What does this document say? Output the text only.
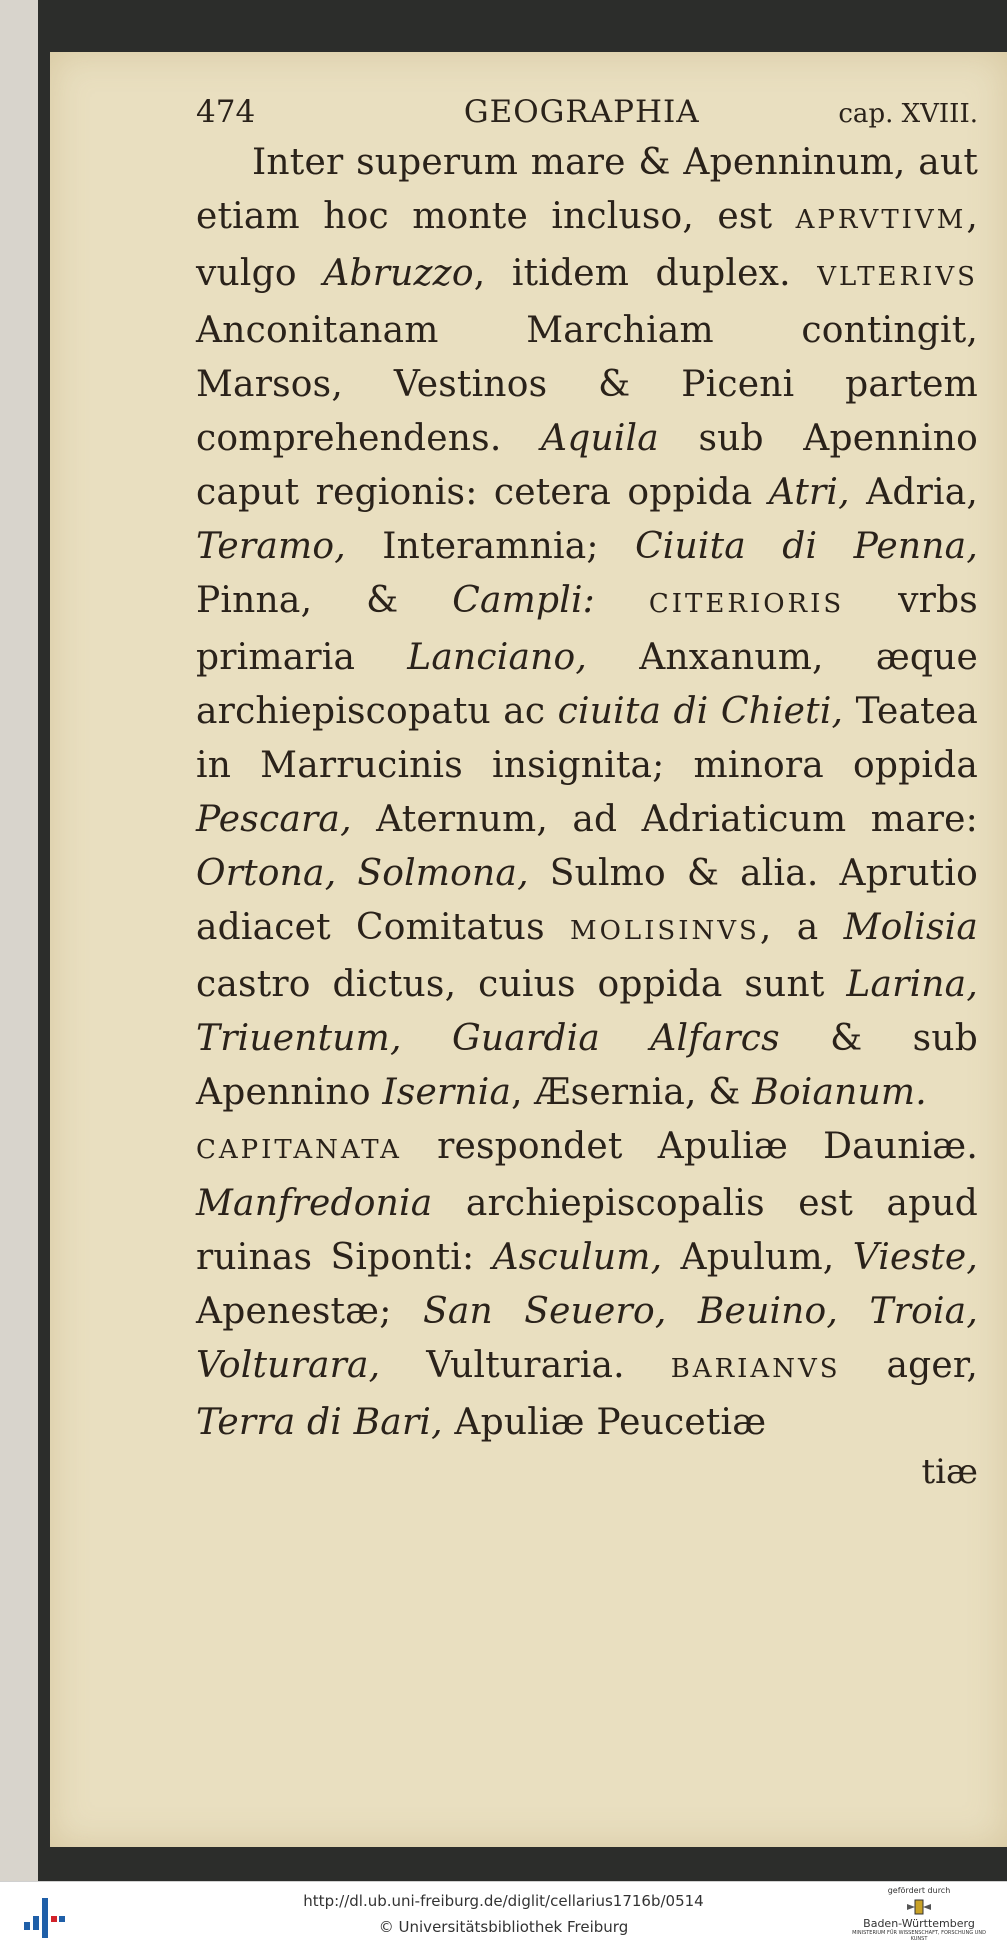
474	GEOGRAPHIA	cap. XVIII.

Inter superum mare & Apenninum, aut etiam hoc monte incluso, est APRVTIVM, vulgo Abruzzo, itidem duplex. VLTERIVS Anconitanam Marchiam contingit, Marsos, Vestinos & Piceni partem comprehendens. Aquila sub Apennino caput regionis: cetera oppida Atri, Adria, Teramo, Interamnia; Ciuita di Penna, Pinna, & Campli: CITERIORIS vrbs primaria Lanciano, Anxanum, æque archiepiscopatu ac ciuita di Chieti, Teatea in Marrucinis insignita; minora oppida Pescara, Aternum, ad Adriaticum mare: Ortona, Solmona, Sulmo & alia. Aprutio adiacet Comitatus MOLISINVS, a Molisia castro dictus, cuius oppida sunt Larina, Triuentum, Guardia Alfarcs & sub Apennino Isernia, Æsernia, & Boianum.

CAPITANATA respondet Apuliæ Dauniæ. Manfredonia archiepiscopalis est apud ruinas Siponti: Asculum, Apulum, Vieste, Apenestæ; San Seuero, Beuino, Troia, Volturara, Vulturaria. BARIANVS ager, Terra di Bari, Apuliæ Peucetiæ

tiæ
http://dl.ub.uni-freiburg.de/diglit/cellarius1716b/0514
© Universitätsbibliothek Freiburg
gefördert durch
Baden-Württemberg
MINISTERIUM FÜR WISSENSCHAFT, FORSCHUNG UND KUNST
